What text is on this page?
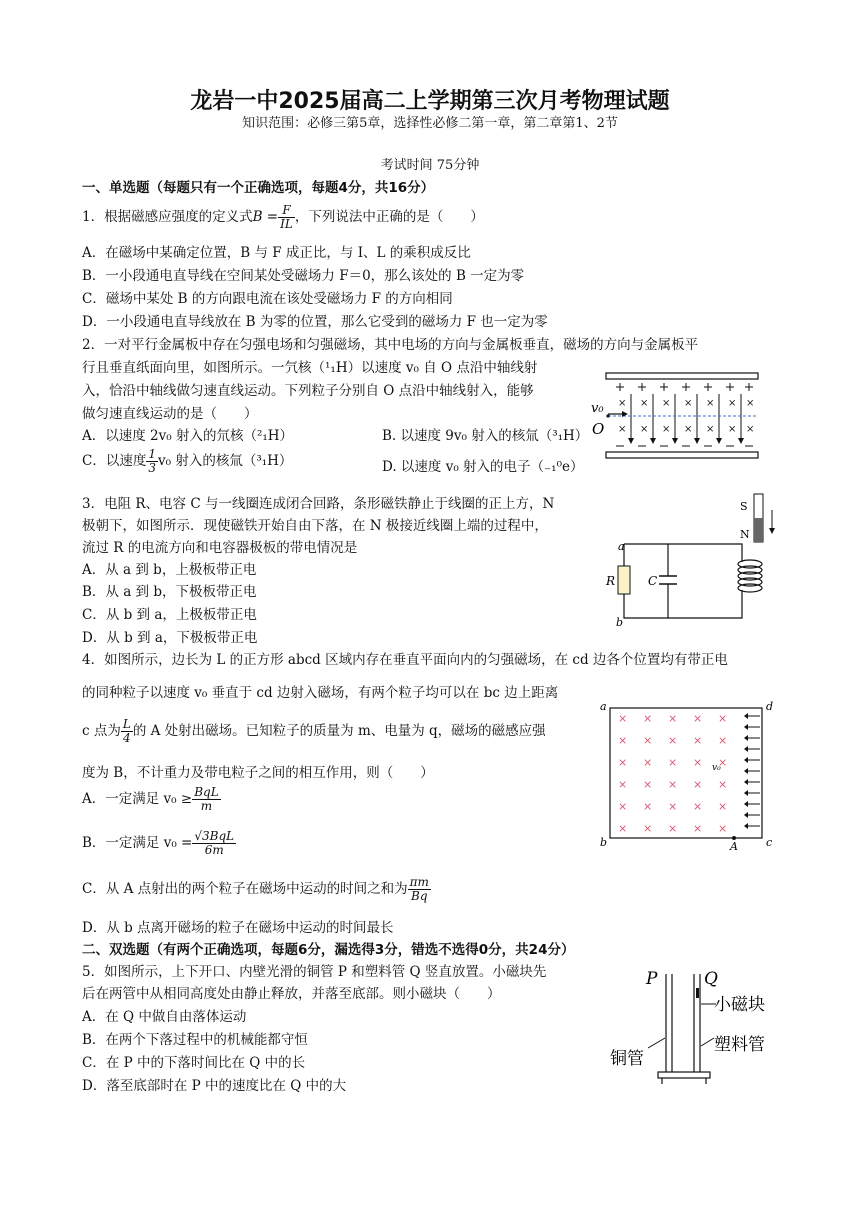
龙岩一中2025届高二上学期第三次月考物理试题
知识范围：必修三第5章，选择性必修二第一章，第二章第1、2节
考试时间 75分钟
一、单选题（每题只有一个正确选项，每题4分，共16分）
1．根据磁感应强度的定义式$B = \frac{F}{IL}$ ，下列说法中正确的是（　　）
A．在磁场中某确定位置，B 与 F 成正比，与 I、L 的乘积成反比
B．一小段通电直导线在空间某处受磁场力 F＝0，那么该处的 B 一定为零
C．磁场中某处 B 的方向跟电流在该处受磁场力 F 的方向相同
D．一小段通电直导线放在 B 为零的位置，那么它受到的磁场力 F 也一定为零
2．一对平行金属板中存在匀强电场和匀强磁场，其中电场的方向与金属板垂直，磁场的方向与金属板平
行且垂直纸面向里，如图所示。一氕核（¹₁H）以速度 v₀ 自 O 点沿中轴线射
入，恰沿中轴线做匀速直线运动。下列粒子分别自 O 点沿中轴线射入，能够
做匀速直线运动的是（　　）
A．以速度 2v₀ 射入的氘核（²₁H）	B. 以速度 9v₀ 射入的核氚（³₁H）
C．以速度 $\frac{1}{3} v_0$ 射入的核氚（³₁H）	D. 以速度 v₀ 射入的电子（₋₁⁰e）
× × × × × × ×
× × × × × × ×
v₀
O
3．电阻 R、电容 C 与一线圈连成闭合回路，条形磁铁静止于线圈的正上方，N
极朝下，如图所示．现使磁铁开始自由下落，在 N 极接近线圈上端的过程中，
流过 R 的电流方向和电容器极板的带电情况是
A．从 a 到 b，上极板带正电
B．从 a 到 b，下极板带正电
C．从 b 到 a，上极板带正电
D．从 b 到 a，下极板带正电
S
N
a
b
R	C
4．如图所示，边长为 L 的正方形 abcd 区域内存在垂直平面向内的匀强磁场，在 cd 边各个位置均有带正电
的同种粒子以速度 v₀ 垂直于 cd 边射入磁场，有两个粒子均可以在 bc 边上距离
c 点为 $\frac{L}{4}$ 的 A 处射出磁场。已知粒子的质量为 m、电量为 q，磁场的磁感应强
度为 B，不计重力及带电粒子之间的相互作用，则（　　）
A．一定满足 v₀ ≥ BqL
m
B．一定满足 v₀ = √3BqL
6m
C．从 A 点射出的两个粒子在磁场中运动的时间之和为 $\frac{\pi m}{Bq}$
D．从 b 点离开磁场的粒子在磁场中运动的时间最长
× × × × ×
× × × × ×
× × × × ×
× × × × ×
× × × × ×
× × × × ×
a
b	c
d
A
v₀
二、双选题（有两个正确选项，每题6分，漏选得3分，错选不选得0分，共24分）
5．如图所示，上下开口、内壁光滑的铜管 P 和塑料管 Q 竖直放置。小磁块先
后在两管中从相同高度处由静止释放，并落至底部。则小磁块（　　）
A．在 Q 中做自由落体运动
B．在两个下落过程中的机械能都守恒
C．在 P 中的下落时间比在 Q 中的长
D．落至底部时在 P 中的速度比在 Q 中的大
P	Q
小磁块
铜管
塑料管
